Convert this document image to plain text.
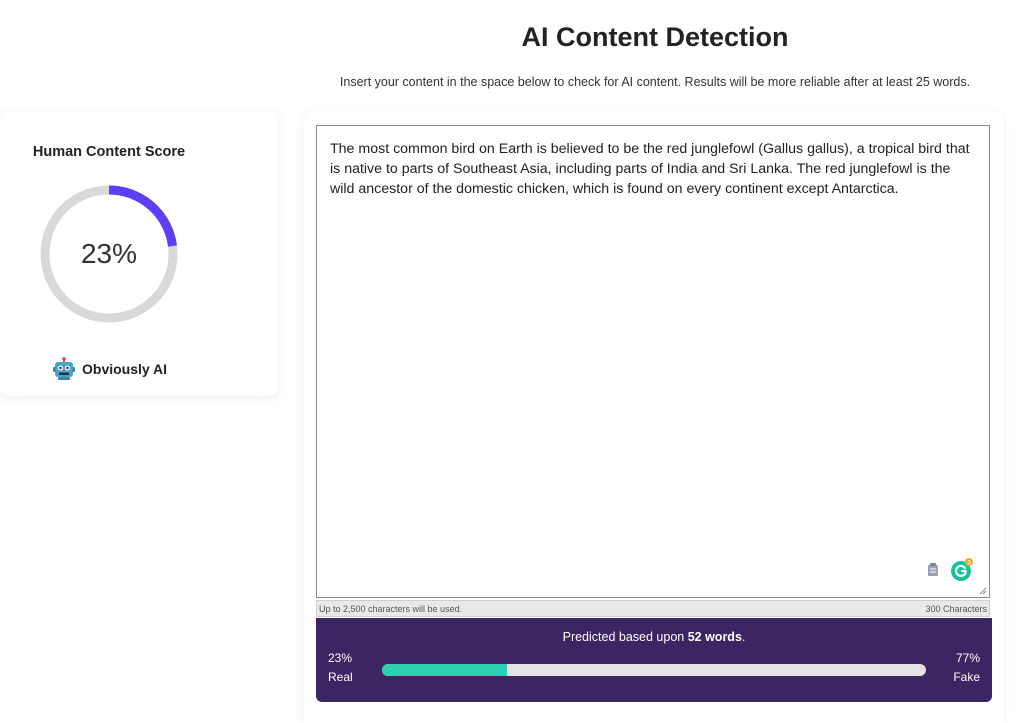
AI Content Detection
Insert your content in the space below to check for AI content. Results will be more reliable after at least 25 words.
Human Content Score
23%
Obviously AI
The most common bird on Earth is believed to be the red junglefowl (Gallus gallus), a tropical bird that is native to parts of Southeast Asia, including parts of India and Sri Lanka. The red junglefowl is the wild ancestor of the domestic chicken, which is found on every continent except Antarctica.
3
Up to 2,500 characters will be used.	300 Characters
Predicted based upon 52 words.
23%
Real
77%
Fake
